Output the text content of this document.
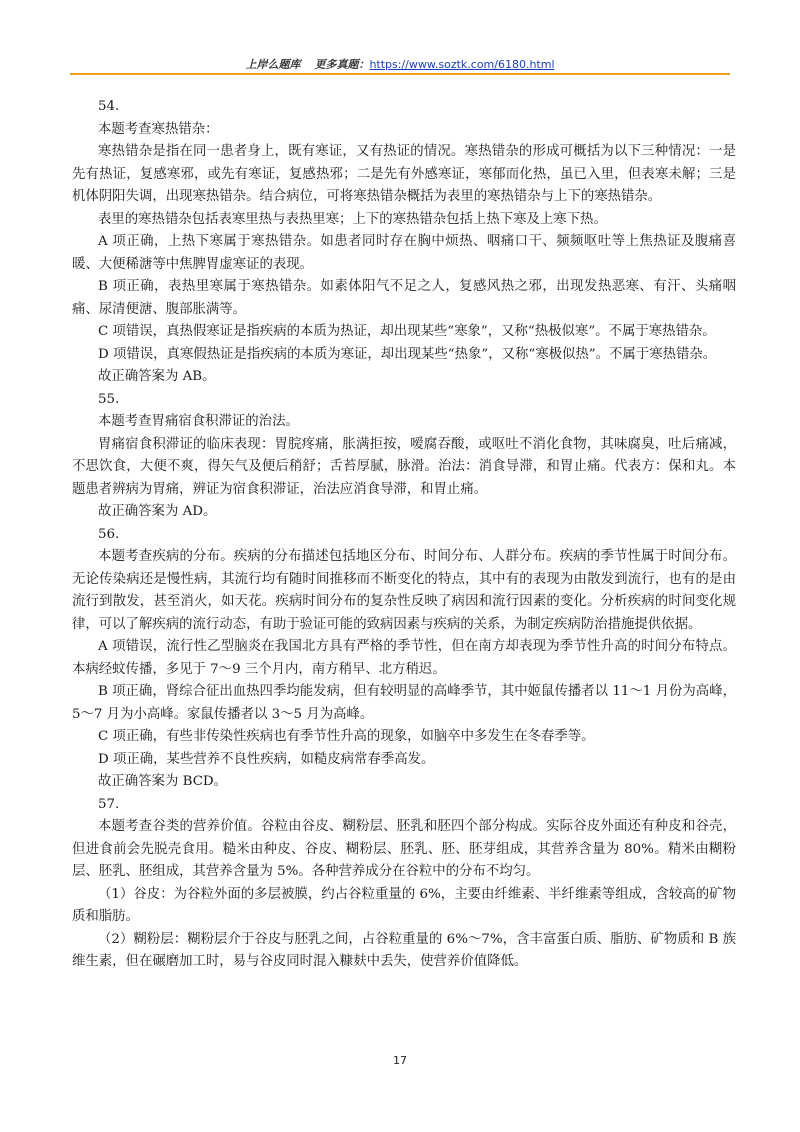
上岸么题库 更多真题：https://www.soztk.com/6180.html

54.

本题考查寒热错杂：

寒热错杂是指在同一患者身上，既有寒证，又有热证的情况。寒热错杂的形成可概括为以下三种情况：一是先有热证，复感寒邪，或先有寒证，复感热邪；二是先有外感寒证，寒郁而化热，虽已入里，但表寒未解；三是机体阴阳失调，出现寒热错杂。结合病位，可将寒热错杂概括为表里的寒热错杂与上下的寒热错杂。

表里的寒热错杂包括表寒里热与表热里寒；上下的寒热错杂包括上热下寒及上寒下热。

A 项正确，上热下寒属于寒热错杂。如患者同时存在胸中烦热、咽痛口干、频频呕吐等上焦热证及腹痛喜暖、大便稀溏等中焦脾胃虚寒证的表现。

B 项正确，表热里寒属于寒热错杂。如素体阳气不足之人，复感风热之邪，出现发热恶寒、有汗、头痛咽痛、尿清便溏、腹部胀满等。

C 项错误，真热假寒证是指疾病的本质为热证，却出现某些“寒象”，又称“热极似寒”。不属于寒热错杂。

D 项错误，真寒假热证是指疾病的本质为寒证，却出现某些“热象”，又称“寒极似热”。不属于寒热错杂。

故正确答案为 AB。

55.

本题考查胃痛宿食积滞证的治法。

胃痛宿食积滞证的临床表现：胃脘疼痛，胀满拒按，嗳腐吞酸，或呕吐不消化食物，其味腐臭，吐后痛减，不思饮食，大便不爽，得矢气及便后稍舒；舌苔厚腻，脉滑。治法：消食导滞，和胃止痛。代表方：保和丸。本题患者辨病为胃痛，辨证为宿食积滞证，治法应消食导滞，和胃止痛。

故正确答案为 AD。

56.

本题考查疾病的分布。疾病的分布描述包括地区分布、时间分布、人群分布。疾病的季节性属于时间分布。无论传染病还是慢性病，其流行均有随时间推移而不断变化的特点，其中有的表现为由散发到流行，也有的是由流行到散发，甚至消火，如天花。疾病时间分布的复杂性反映了病因和流行因素的变化。分析疾病的时间变化规律，可以了解疾病的流行动态，有助于验证可能的致病因素与疾病的关系，为制定疾病防治措施提供依据。

A 项错误，流行性乙型脑炎在我国北方具有严格的季节性，但在南方却表现为季节性升高的时间分布特点。本病经蚊传播，多见于 7～9 三个月内，南方稍早、北方稍迟。

B 项正确，肾综合征出血热四季均能发病，但有较明显的高峰季节，其中姬鼠传播者以 11～1 月份为高峰，5～7 月为小高峰。家鼠传播者以 3～5 月为高峰。

C 项正确，有些非传染性疾病也有季节性升高的现象，如脑卒中多发生在冬春季等。

D 项正确，某些营养不良性疾病，如糙皮病常春季高发。

故正确答案为 BCD。

57.

本题考查谷类的营养价值。谷粒由谷皮、糊粉层、胚乳和胚四个部分构成。实际谷皮外面还有种皮和谷壳，但进食前会先脱壳食用。糙米由种皮、谷皮、糊粉层、胚乳、胚、胚芽组成，其营养含量为 80%。精米由糊粉层、胚乳、胚组成，其营养含量为 5%。各种营养成分在谷粒中的分布不均匀。

（1）谷皮：为谷粒外面的多层被膜，约占谷粒重量的 6%，主要由纤维素、半纤维素等组成，含较高的矿物质和脂肪。

（2）糊粉层：糊粉层介于谷皮与胚乳之间，占谷粒重量的 6%～7%，含丰富蛋白质、脂肪、矿物质和 B 族维生素，但在碾磨加工时，易与谷皮同时混入糠麸中丢失，使营养价值降低。

17
